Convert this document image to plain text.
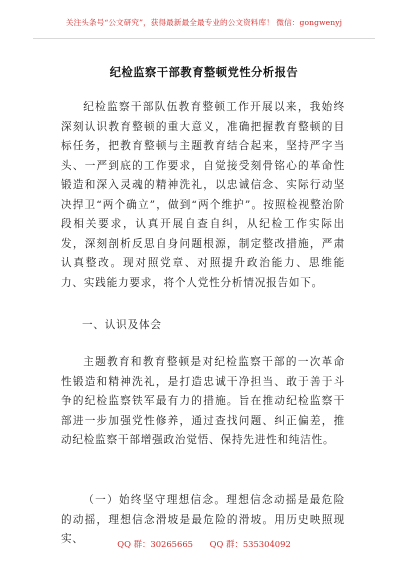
关注头条号“公文研究”，获得最新最全最专业的公文资料库！ 微信：gongwenyj
纪检监察干部教育整顿党性分析报告

纪检监察干部队伍教育整顿工作开展以来，我始终深刻认识教育整顿的重大意义，准确把握教育整顿的目标任务，把教育整顿与主题教育结合起来，坚持严字当头、一严到底的工作要求，自觉接受刻骨铭心的革命性锻造和深入灵魂的精神洗礼，以忠诚信念、实际行动坚决捍卫“两个确立”，做到“两个维护”。按照检视整治阶段相关要求，认真开展自查自纠，从纪检工作实际出发，深刻剖析反思自身问题根源，制定整改措施，严肃认真整改。现对照党章、对照提升政治能力、思维能力、实践能力要求，将个人党性分析情况报告如下。

一、认识及体会

主题教育和教育整顿是对纪检监察干部的一次革命性锻造和精神洗礼，是打造忠诚干净担当、敢于善于斗争的纪检监察铁军最有力的措施。旨在推动纪检监察干部进一步加强党性修养，通过查找问题、纠正偏差，推动纪检监察干部增强政治觉悟、保持先进性和纯洁性。

（一）始终坚守理想信念。理想信念动摇是最危险的动摇，理想信念滑坡是最危险的滑坡。用历史映照现实、	QQ 群：30265665 QQ 群：535304092
